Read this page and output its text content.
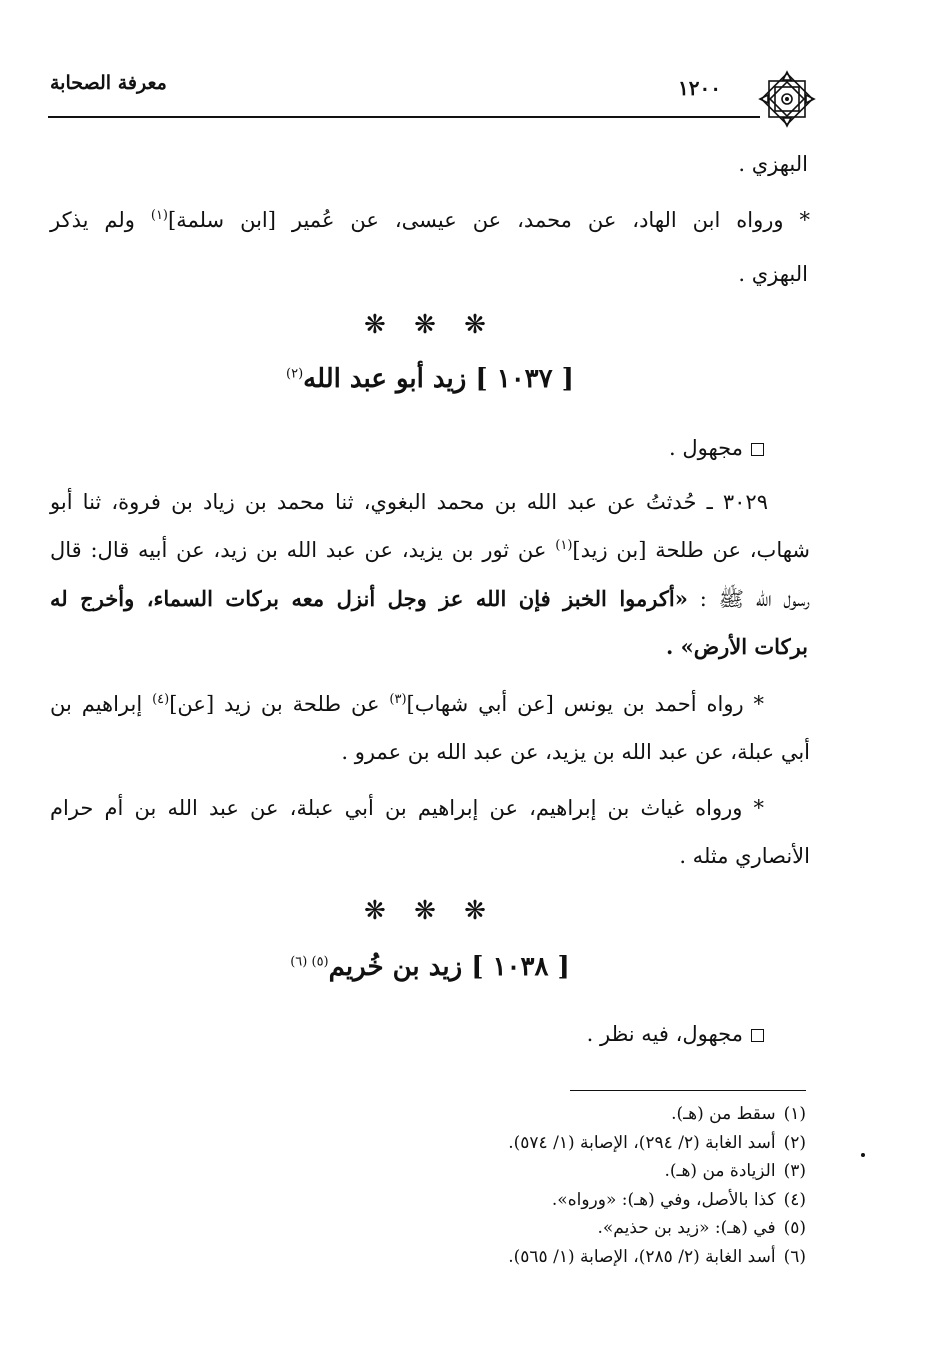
معرفة الصحابة	١٢٠٠
البهزي .
* ورواه ابن الهاد، عن محمد، عن عيسى، عن عُمير [ابن سلمة]$^{(١)}$ ولم يذكر
البهزي .
❋ ❋ ❋
[ ١٠٣٧ ] زيد أبو عبد الله$^{(٢)}$
مجهول .
٣٠٢٩ ـ حُدثتُ عن عبد الله بن محمد البغوي، ثنا محمد بن زياد بن فروة، ثنا أبو
شهاب، عن طلحة [بن زيد]$^{(١)}$ عن ثور بن يزيد، عن عبد الله بن زيد، عن أبيه قال: قال
رسول الله ﷺ : «أكرموا الخبز فإن الله عز وجل أنزل معه بركات السماء، وأخرج له
بركات الأرض» .
* رواه أحمد بن يونس [عن أبي شهاب]$^{(٣)}$ عن طلحة بن زيد [عن]$^{(٤)}$ إبراهيم بن
أبي عبلة، عن عبد الله بن يزيد، عن عبد الله بن عمرو .
* ورواه غياث بن إبراهيم، عن إبراهيم بن أبي عبلة، عن عبد الله بن أم حرام
الأنصاري مثله .
❋ ❋ ❋
[ ١٠٣٨ ] زيد بن خُريم$^{(٥) (٦)}$
مجهول، فيه نظر .
(١)سقط من (هـ).
(٢)أسد الغابة (٢/ ٢٩٤)، الإصابة (١/ ٥٧٤).
(٣)الزيادة من (هـ).
(٤)كذا بالأصل، وفي (هـ): «ورواه».
(٥)في (هـ): «زيد بن حذيم».
(٦)أسد الغابة (٢/ ٢٨٥)، الإصابة (١/ ٥٦٥).
